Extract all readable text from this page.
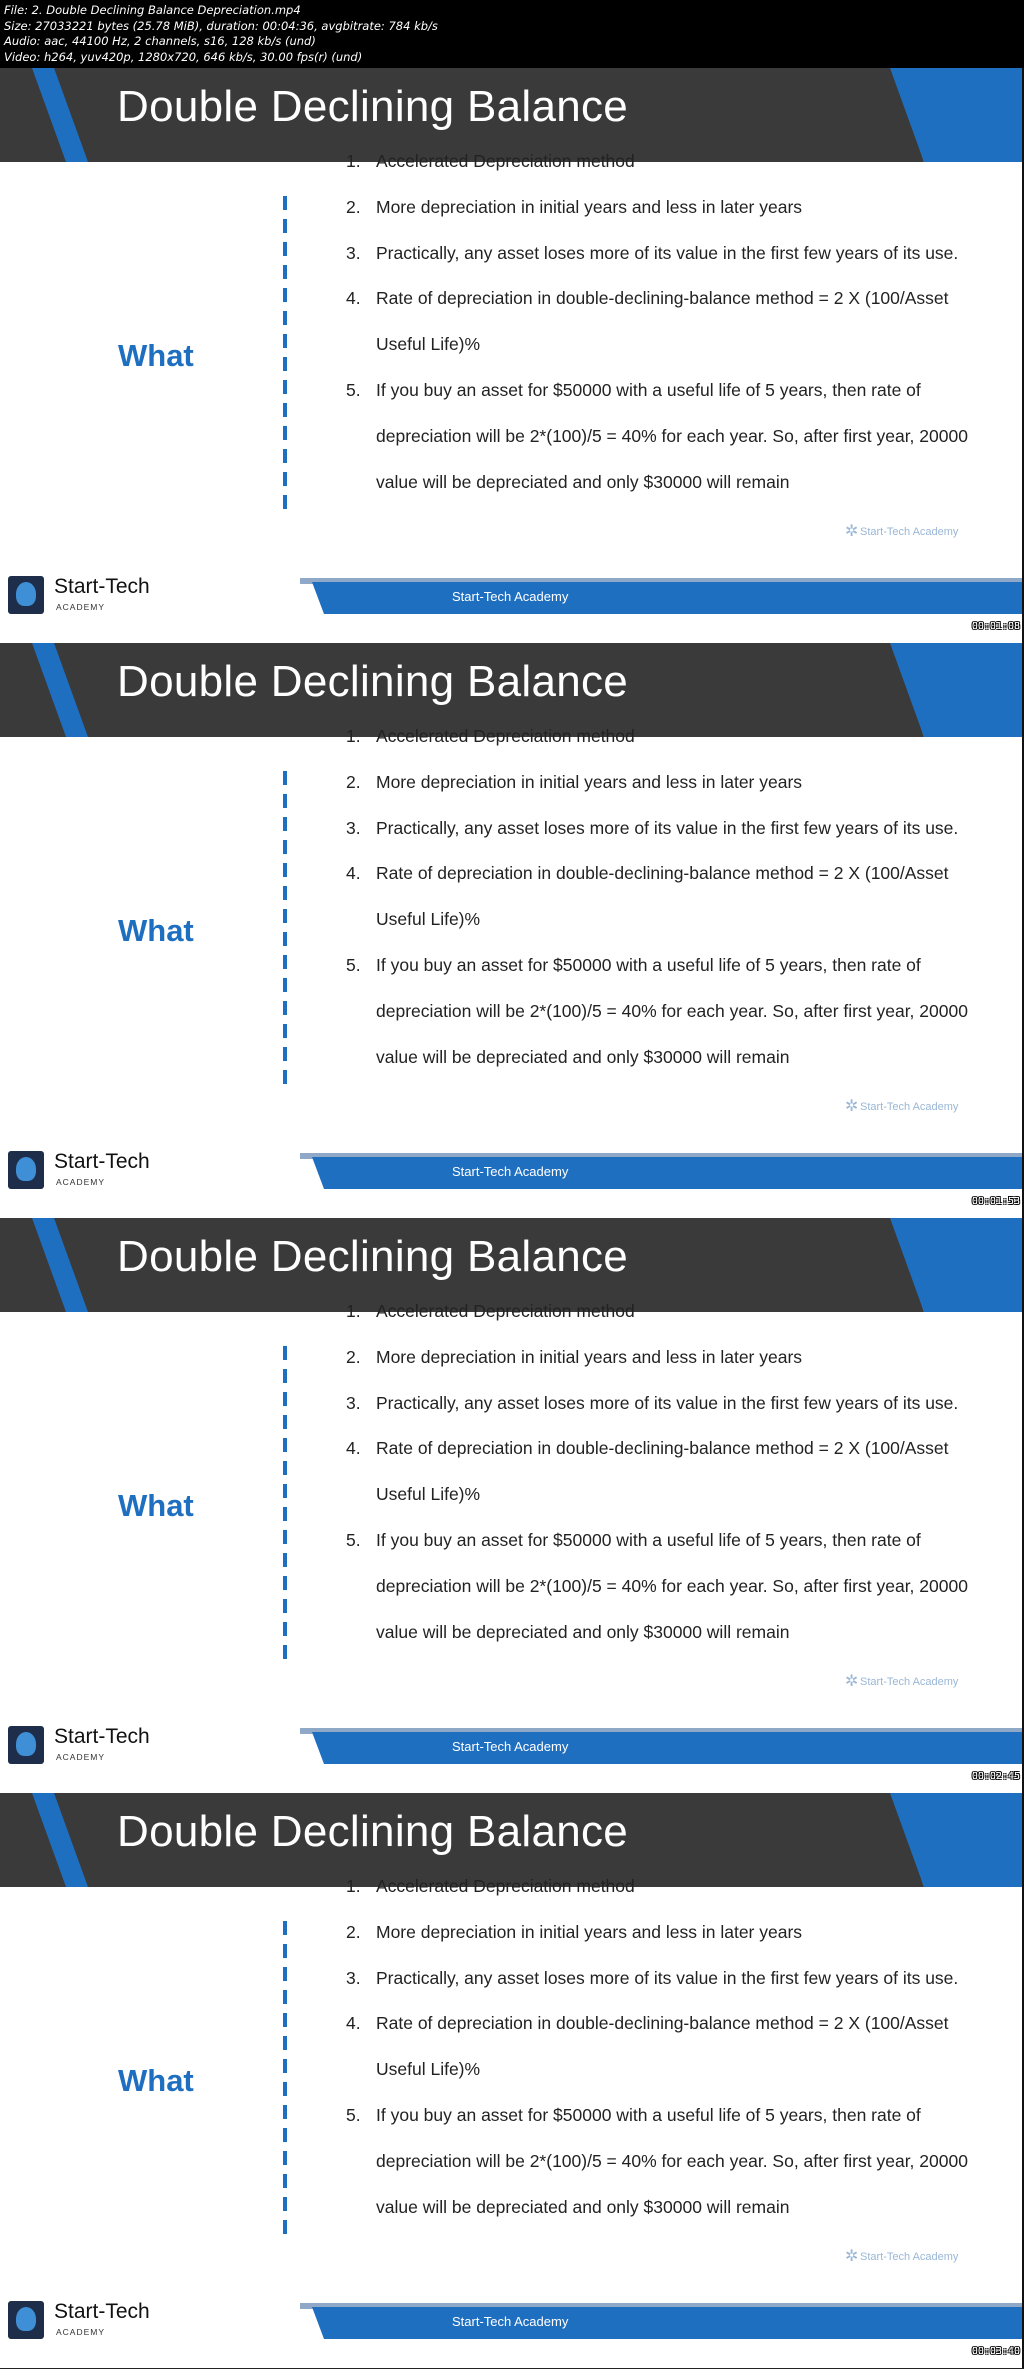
File: 2. Double Declining Balance Depreciation.mp4
Size: 27033221 bytes (25.78 MiB), duration: 00:04:36, avgbitrate: 784 kb/s
Audio: aac, 44100 Hz, 2 channels, s16, 128 kb/s (und)
Video: h264, yuv420p, 1280x720, 646 kb/s, 30.00 fps(r) (und)
Double Declining Balance
What
1. Accelerated Depreciation method
2. More depreciation in initial years and less in later years
3. Practically, any asset loses more of its value in the first few years of its use.
4. Rate of depreciation in double-declining-balance method = 2 X (100/Asset
Useful Life)%
5. If you buy an asset for $50000 with a useful life of 5 years, then rate of
depreciation will be 2*(100)/5 = 40% for each year. So, after first year, 20000
value will be depreciated and only $30000 will remain
✲ Start-Tech Academy
Start-Tech Academy
Start-Tech
ACADEMY
00:01:08
Double Declining Balance
What
1. Accelerated Depreciation method
2. More depreciation in initial years and less in later years
3. Practically, any asset loses more of its value in the first few years of its use.
4. Rate of depreciation in double-declining-balance method = 2 X (100/Asset
Useful Life)%
5. If you buy an asset for $50000 with a useful life of 5 years, then rate of
depreciation will be 2*(100)/5 = 40% for each year. So, after first year, 20000
value will be depreciated and only $30000 will remain
✲ Start-Tech Academy
Start-Tech Academy
Start-Tech
ACADEMY
00:01:53
Double Declining Balance
What
1. Accelerated Depreciation method
2. More depreciation in initial years and less in later years
3. Practically, any asset loses more of its value in the first few years of its use.
4. Rate of depreciation in double-declining-balance method = 2 X (100/Asset
Useful Life)%
5. If you buy an asset for $50000 with a useful life of 5 years, then rate of
depreciation will be 2*(100)/5 = 40% for each year. So, after first year, 20000
value will be depreciated and only $30000 will remain
✲ Start-Tech Academy
Start-Tech Academy
Start-Tech
ACADEMY
00:02:45
Double Declining Balance
What
1. Accelerated Depreciation method
2. More depreciation in initial years and less in later years
3. Practically, any asset loses more of its value in the first few years of its use.
4. Rate of depreciation in double-declining-balance method = 2 X (100/Asset
Useful Life)%
5. If you buy an asset for $50000 with a useful life of 5 years, then rate of
depreciation will be 2*(100)/5 = 40% for each year. So, after first year, 20000
value will be depreciated and only $30000 will remain
✲ Start-Tech Academy
Start-Tech Academy
Start-Tech
ACADEMY
00:03:40
